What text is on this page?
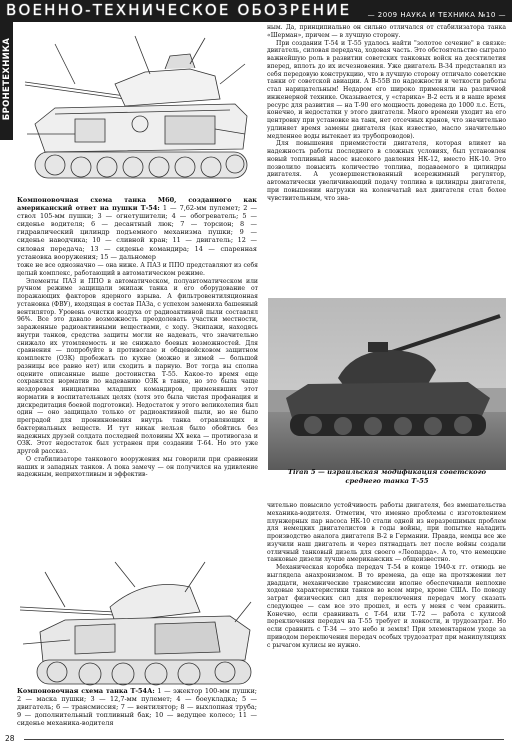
ВОЕННО-ТЕХНИЧЕСКОЕ ОБОЗРЕНИЕ — 2009 НАУКА И ТЕХНИКА №10 —
БРОНЕТЕХНИКА
Компоновочная схема танка М60, созданного как американский ответ на пушки Т-54: 1 — 7,62-мм пулемет; 2 — ствол 105-мм пушки; 3 — огнетушители; 4 — обогреватель; 5 — сиденье водителя; 6 — десантный люк; 7 — торсион; 8 — гидравлический цилиндр подъемного механизма пушки; 9 — сиденье наводчика; 10 — сливной кран; 11 — двигатель; 12 — силовая передача; 13 — сиденье командира; 14 — спаренная установка вооружения; 15 — дальномер

тоже не все однозначно — она ниже. А ПАЗ и ППО представляют из себя целый комплекс, работающий в автоматическом режиме.

Элементы ПАЗ и ППО в автоматическом, полуавтоматическом или ручном режиме защищали экипаж танка и его оборудование от поражающих факторов ядерного взрыва. А фильтровентиляционная установка (ФВУ), входящая в состав ПАЗа, с успехом заменила башенный вентилятор. Уровень очистки воздуха от радиоактивной пыли составлял 96%. Все это давало возможность преодолевать участки местности, зараженные радиоактивными веществами, с ходу. Экипажи, находясь внутри танков, средства защиты могли не надевать, что значительно снижало их утомляемость и не снижало боевых возможностей. Для сравнения — попробуйте в противогазе и общевойсковом защитном комплекте (ОЗК) пробежать по кухне (можно и зимой — большой разницы все равно нет) или сходить в парную. Вот тогда вы сполна оцените описанные выше достоинства Т-55. Какое-то время еще сохранялся норматив по надеванию ОЗК в танке, но это была чаще нездоровая инициатива младших командиров, применявших этот норматив в воспитательных целях (хотя это была чистая профанация и дискредитация боевой подготовки). Недостаток у этого великолепия был один — оно защищало только от радиоактивной пыли, но не было преградой для проникновения внутрь танка отравляющих и бактериальных веществ. И тут никак нельзя было обойтись без надежных друзей солдата последней половины XX века — противогаза и ОЗК. Этот недостаток был устранен при создании Т-64. Но это уже другой рассказ.

О стабилизаторе танкового вооружения мы говорили при сравнении наших и западных танков. А пока замечу — он получился на удивление надежным, неприхотливым и эффектив-

Компоновочная схема танка Т-54А: 1 — эжектор 100-мм пушки; 2 — маска пушки; 3 — 12,7-мм пулемет; 4 — боеукладка; 5 — двигатель; 6 — трансмиссия; 7 — вентилятор; 8 — выхлопная труба; 9 — дополнительный топливный бак; 10 — ведущее колесо; 11 — сиденье механика-водителя

ным. Да, принципиально он сильно отличался от стабилизатора танка «Шерман», причем — в лучшую сторону.

При создании Т-54 и Т-55 удалось найти "золотое сечение" в связке: двигатель, силовая передача, ходовая часть. Это обстоятельство сыграло важнейшую роль в развитии советских танковых войск на десятилетия вперед, вплоть до их исчезновения. Уже двигатель В-34 представлял из себя передовую конструкцию, что в лучшую сторону отличало советские танки от советской авиации. А В-55В по надежности и четкости работы стал нарицательным! Недаром его широко применяли на различной инженерной технике. Оказывается, у «старика» В-2 есть и в наше время ресурс для развития — на Т-90 его мощность доведена до 1000 л.с. Есть, конечно, и недостатки у этого двигателя. Много времени уходит на его центровку при установке на танк, нет отсечных кранов, что значительно удлиняет время замены двигателя (как известно, масло значительно медленнее воды вытекает из трубопроводов).

Для повышения приемистости двигателя, которая влияет на надежность работы последнего в сложных условиях, был установлен новый топливный насос высокого давления НК-12, вместо НК-10. Это позволило повысить количество топлива, подаваемого в цилиндры двигателя. А усовершенствованный всережимный регулятор, автоматически увеличивающий подачу топлива в цилиндры двигателя, при повышении нагрузки на коленчатый вал двигателя стал более чувствительным, что зна-

Tiran 5 — израильская модификация советского среднего танка Т-55

чительно повысило устойчивость работы двигателя, без вмешательства механика-водителя. Отметим, что именно проблемы с изготовлением плунжерных пар насоса НК-10 стали одной из неразрешимых проблем для немецких двигателистов в годы войны, при попытке наладить производство аналога двигателя В-2 в Германии. Правда, немцы все же изучили наш двигатель и через пятнадцать лет после войны создали отличный танковый дизель для своего «Леопарда». А то, что немецкие танковые дизели лучше американских — общеизвестно.

Механическая коробка передач Т-54 в конце 1940-х гг. отнюдь не выглядела анахронизмом. В то времена, да еще на протяжении лет двадцати, механические трансмиссии вполне обеспечивали неплохие ходовые характеристики танков во всем мире, кроме США. По поводу затрат физических сил для переключения передач могу сказать следующее — сам все это прошел, и есть у меня с чем сравнить. Конечно, если сравнивать с Т-64 или Т-72 — работа с кулисой переключения передач на Т-55 требует и ловкости, и трудозатрат. Но если сравнить с Т-34 — это небо и земля! При элементарном уходе за приводом переключения передач особых трудозатрат при манипуляциях с рычагом кулисы не нужно.

28
